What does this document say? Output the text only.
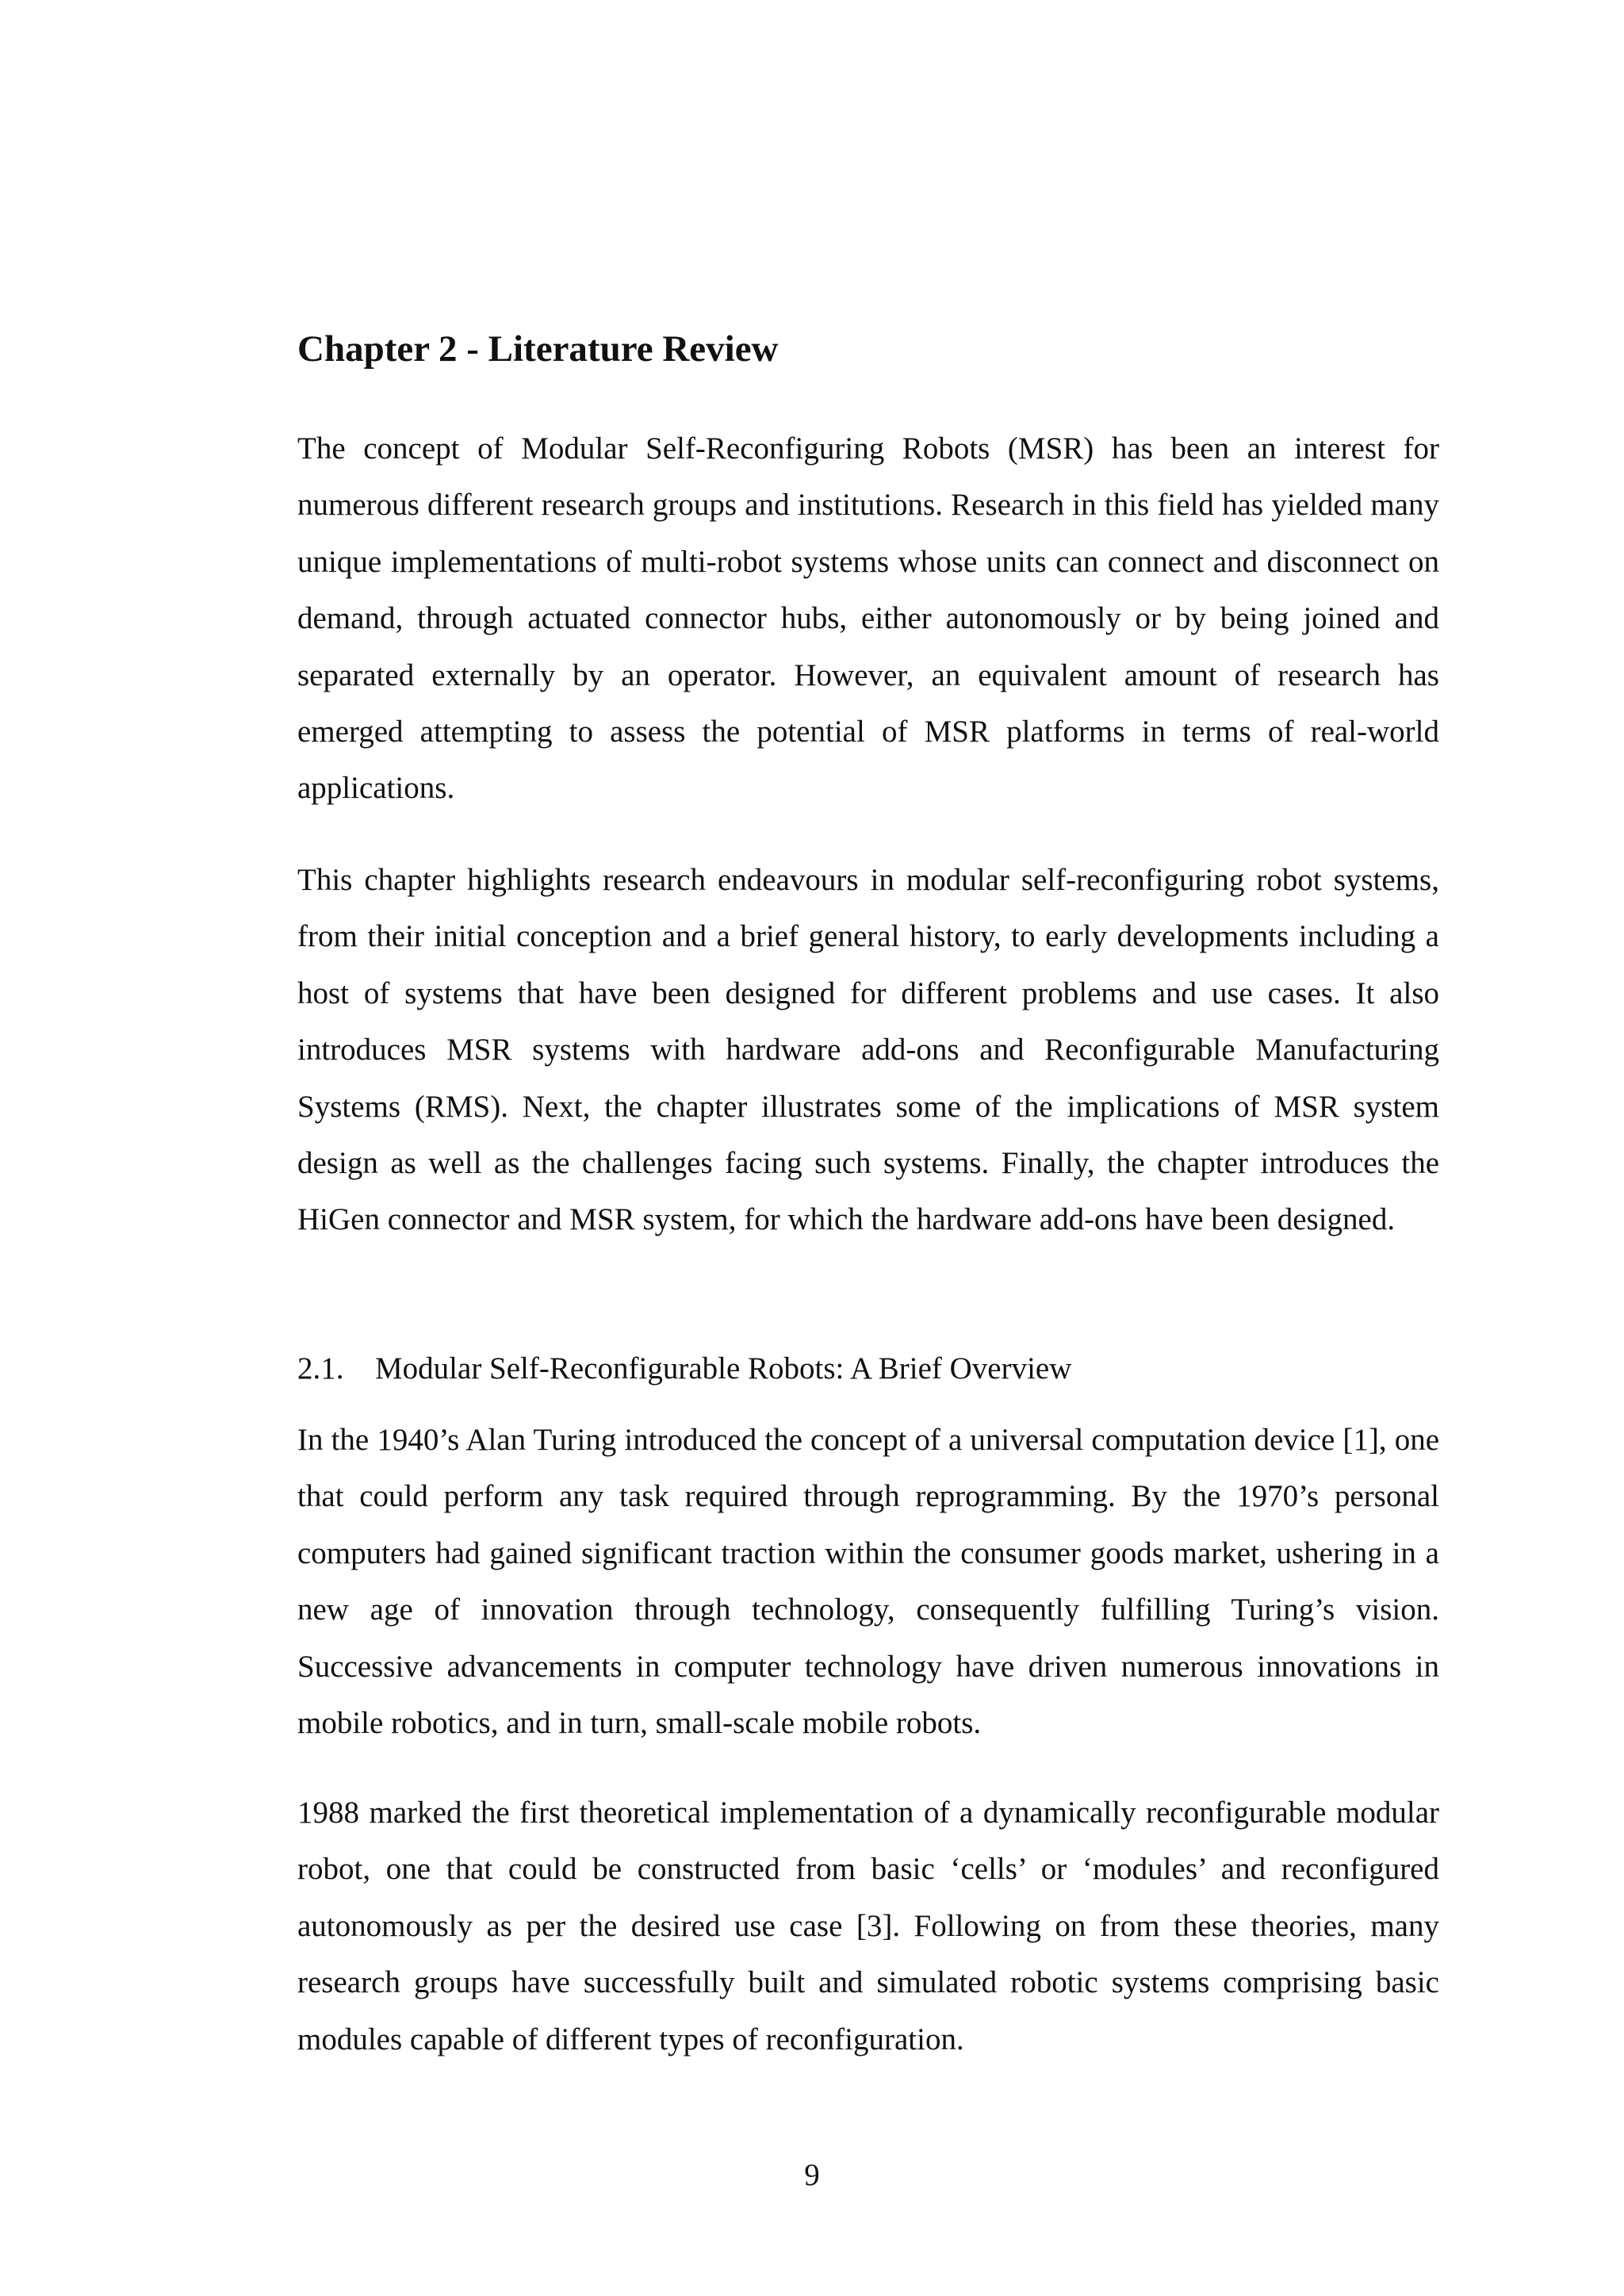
Chapter 2 - Literature Review

The concept of Modular Self-Reconfiguring Robots (MSR) has been an interest for numerous different research groups and institutions. Research in this field has yielded many unique implementations of multi-robot systems whose units can connect and disconnect on demand, through actuated connector hubs, either autonomously or by being joined and separated externally by an operator. However, an equivalent amount of research has emerged attempting to assess the potential of MSR platforms in terms of real-world applications.

This chapter highlights research endeavours in modular self-reconfiguring robot systems, from their initial conception and a brief general history, to early developments including a host of systems that have been designed for different problems and use cases. It also introduces MSR systems with hardware add-ons and Reconfigurable Manufacturing Systems (RMS). Next, the chapter illustrates some of the implications of MSR system design as well as the challenges facing such systems. Finally, the chapter introduces the HiGen connector and MSR system, for which the hardware add-ons have been designed.

2.1. Modular Self-Reconfigurable Robots: A Brief Overview

In the 1940’s Alan Turing introduced the concept of a universal computation device [1], one that could perform any task required through reprogramming. By the 1970’s personal computers had gained significant traction within the consumer goods market, ushering in a new age of innovation through technology, consequently fulfilling Turing’s vision. Successive advancements in computer technology have driven numerous innovations in mobile robotics, and in turn, small-scale mobile robots.

1988 marked the first theoretical implementation of a dynamically reconfigurable modular robot, one that could be constructed from basic ‘cells’ or ‘modules’ and reconfigured autonomously as per the desired use case [3]. Following on from these theories, many research groups have successfully built and simulated robotic systems comprising basic modules capable of different types of reconfiguration.

9
